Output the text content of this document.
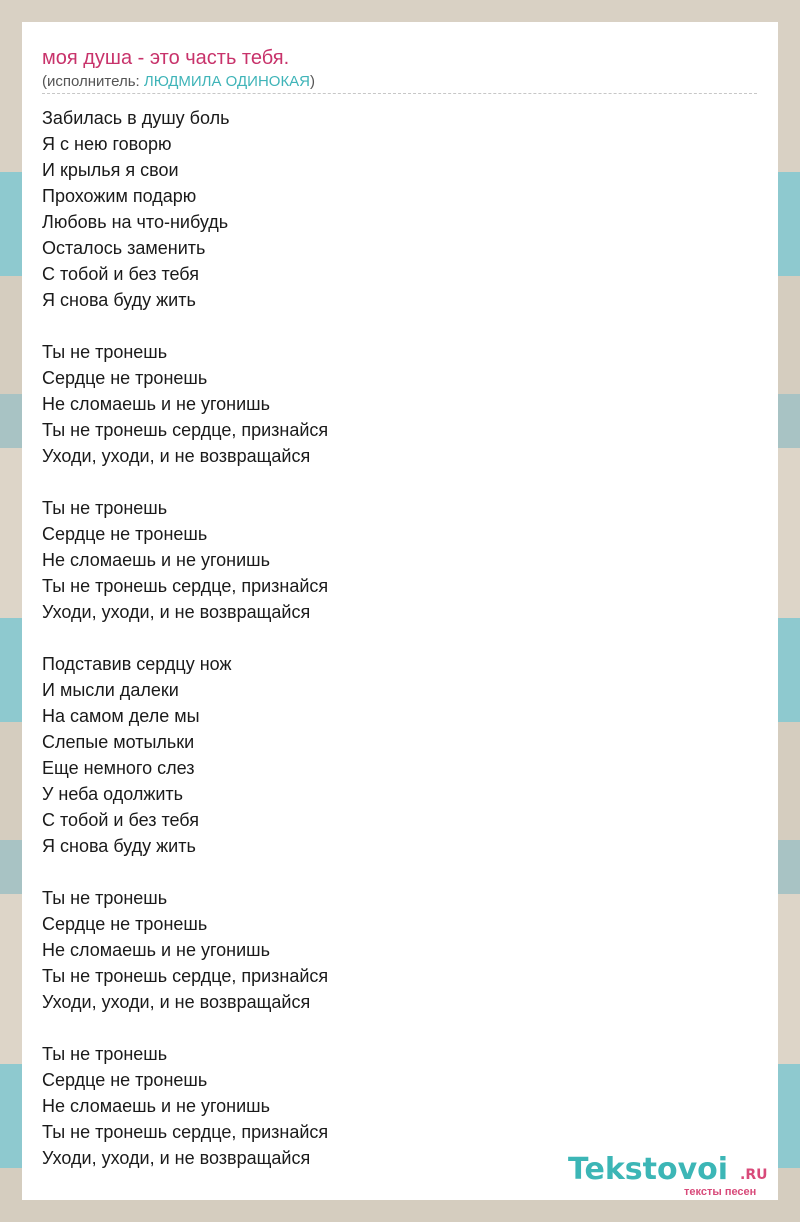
моя душа - это часть тебя.
(исполнитель: ЛЮДМИЛА ОДИНОКАЯ)
Забилась в душу боль
Я с нею говорю
И крылья я свои
Прохожим подарю
Любовь на что-нибудь
Осталось заменить
С тобой и без тебя
Я снова буду жить
Ты не тронешь
Сердце не тронешь
Не сломаешь и не угонишь
Ты не тронешь сердце, признайся
Уходи, уходи, и не возвращайся
Ты не тронешь
Сердце не тронешь
Не сломаешь и не угонишь
Ты не тронешь сердце, признайся
Уходи, уходи, и не возвращайся
Подставив сердцу нож
И мысли далеки
На самом деле мы
Слепые мотыльки
Еще немного слез
У неба одолжить
С тобой и без тебя
Я снова буду жить
Ты не тронешь
Сердце не тронешь
Не сломаешь и не угонишь
Ты не тронешь сердце, признайся
Уходи, уходи, и не возвращайся
Ты не тронешь
Сердце не тронешь
Не сломаешь и не угонишь
Ты не тронешь сердце, признайся
Уходи, уходи, и не возвращайся	Tekstovoi .RU
тексты песен
